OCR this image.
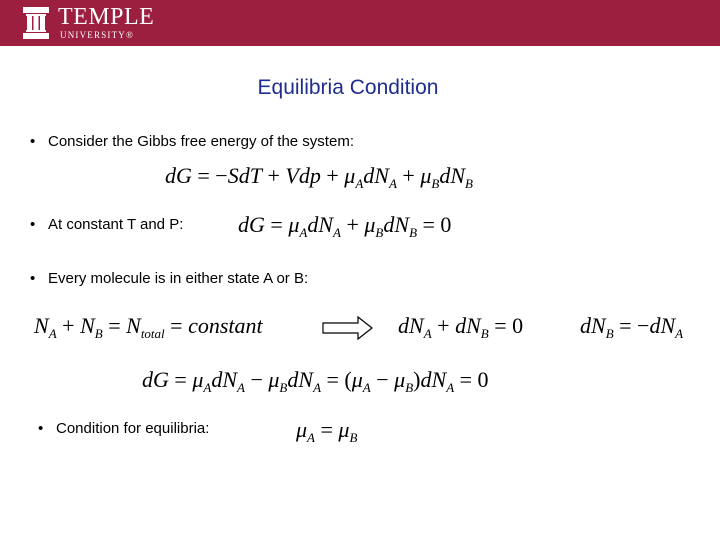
TEMPLE
UNIVERSITY®
Equilibria Condition
• Consider the Gibbs free energy of the system:
dG = −SdT + Vdp + $\mu_AdN_A + \mu_BdN_B$
• At constant T and P: dG = $\mu_AdN_A + \mu_BdN_B = 0$
• Every molecule is in either state A or B:
$N_A + N_B = N_{total}$ = constant	$dN_A + dN_B = 0$	$dN_B = -dN_A$
dG = $\mu_AdN_A - \mu_BdN_A = (\mu_A - \mu_B)dN_A = 0$
• Condition for equilibria:	$\mu_A = \mu_B$
